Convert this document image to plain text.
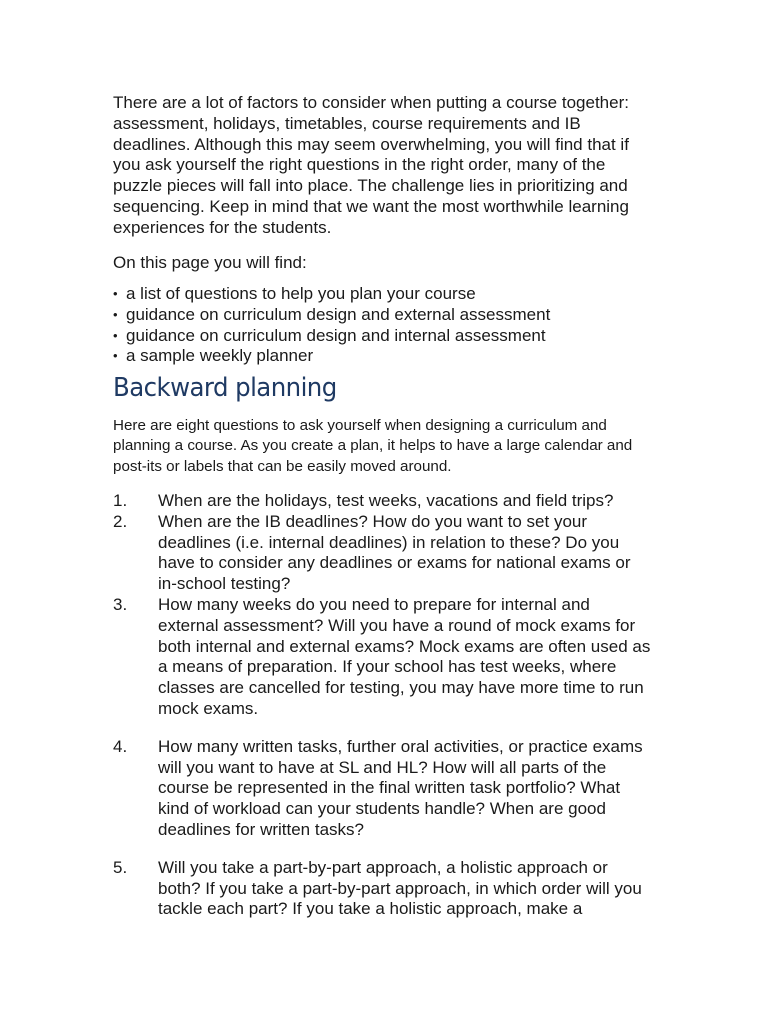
There are a lot of factors to consider when putting a course together: assessment, holidays, timetables, course requirements and IB deadlines. Although this may seem overwhelming, you will find that if you ask yourself the right questions in the right order, many of the puzzle pieces will fall into place. The challenge lies in prioritizing and sequencing. Keep in mind that we want the most worthwhile learning experiences for the students.

On this page you will find:

• a list of questions to help you plan your course
• guidance on curriculum design and external assessment
• guidance on curriculum design and internal assessment
• a sample weekly planner
Backward planning

Here are eight questions to ask yourself when designing a curriculum and planning a course. As you create a plan, it helps to have a large calendar and post-its or labels that can be easily moved around.

1.	When are the holidays, test weeks, vacations and field trips?
2.	When are the IB deadlines? How do you want to set your deadlines (i.e. internal deadlines) in relation to these? Do you have to consider any deadlines or exams for national exams or in-school testing?
3.	How many weeks do you need to prepare for internal and external assessment? Will you have a round of mock exams for both internal and external exams? Mock exams are often used as a means of preparation. If your school has test weeks, where classes are cancelled for testing, you may have more time to run mock exams.
4.	How many written tasks, further oral activities, or practice exams will you want to have at SL and HL? How will all parts of the course be represented in the final written task portfolio? What kind of workload can your students handle? When are good deadlines for written tasks?
5.	Will you take a part-by-part approach, a holistic approach or both? If you take a part-by-part approach, in which order will you tackle each part? If you take a holistic approach, make a
